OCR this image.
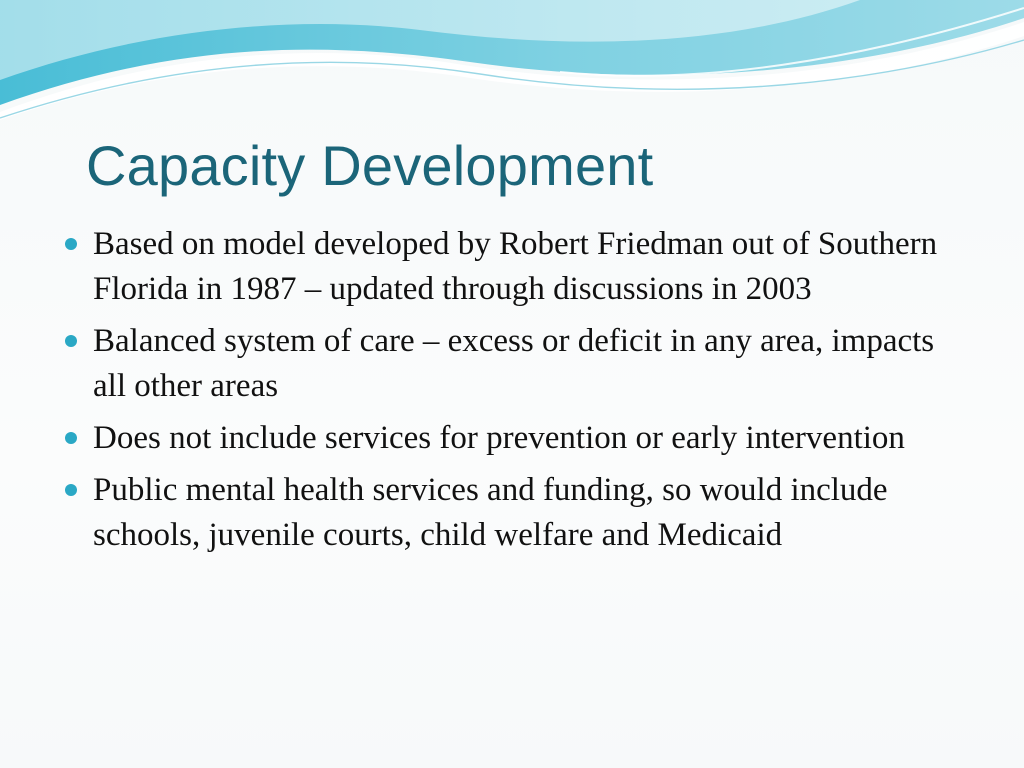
Capacity Development
Based on model developed by Robert Friedman out of Southern Florida in 1987 – updated through discussions in 2003
Balanced system of care – excess or deficit in any area, impacts all other areas
Does not include services for prevention or early intervention
Public mental health services and funding, so would include schools, juvenile courts, child welfare and Medicaid
